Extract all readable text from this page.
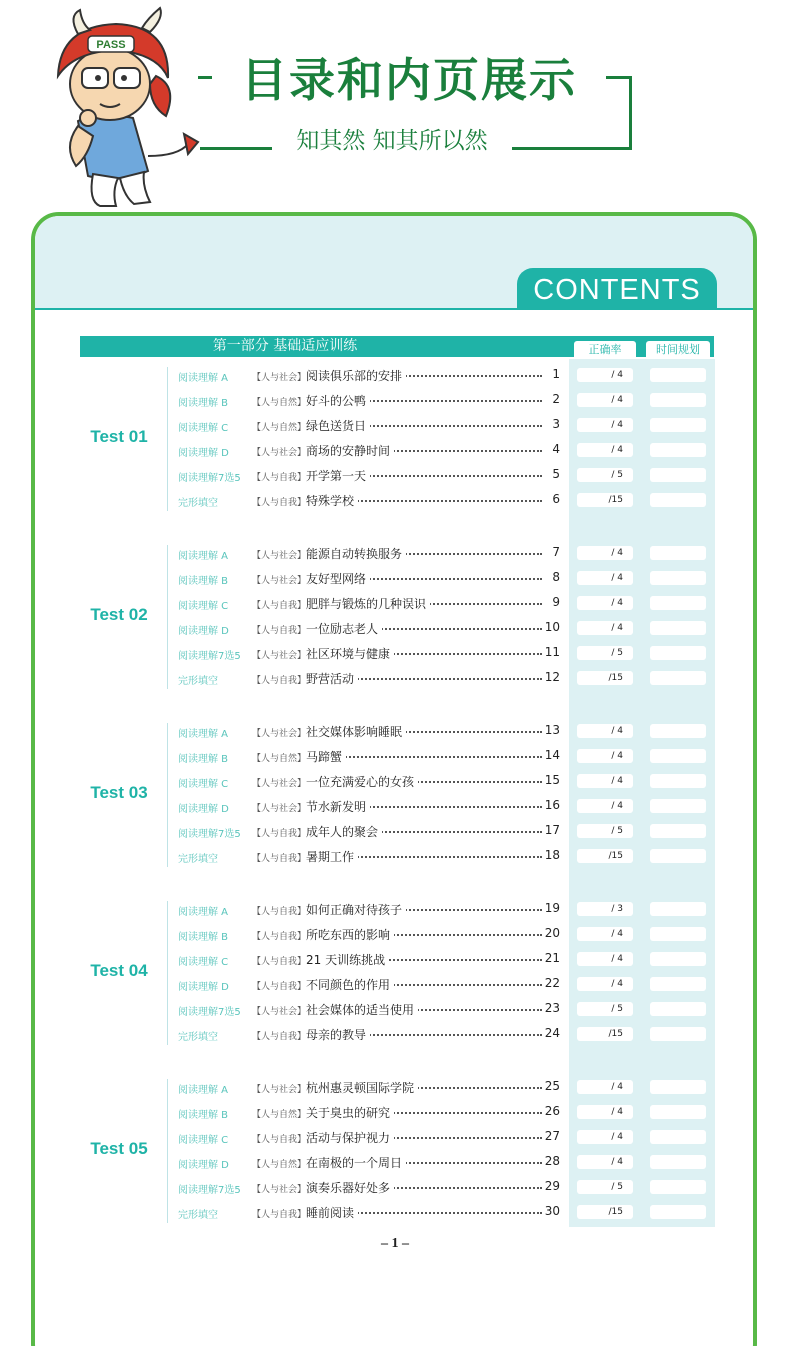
PASS
目录和内页展示
知其然 知其所以然
CONTENTS
第一部分 基础适应训练	正确率	时间规划
Test 01
阅读理解 A	【人与社会】 阅读俱乐部的安排	1	/ 4
阅读理解 B	【人与自然】 好斗的公鸭	2	/ 4
阅读理解 C	【人与自然】 绿色送货日	3	/ 4
阅读理解 D	【人与社会】 商场的安静时间	4	/ 4
阅读理解7选5 【人与自我】 开学第一天	5	/ 5
完形填空	【人与自我】 特殊学校	6	/15
Test 02
阅读理解 A	【人与社会】 能源自动转换服务	7	/ 4
阅读理解 B	【人与社会】 友好型网络	8	/ 4
阅读理解 C	【人与自我】 肥胖与锻炼的几种误识	9	/ 4
阅读理解 D	【人与自我】 一位励志老人	10	/ 4
阅读理解7选5 【人与社会】 社区环境与健康	11	/ 5
完形填空	【人与自我】 野营活动	12	/15
Test 03
阅读理解 A	【人与社会】 社交媒体影响睡眠	13	/ 4
阅读理解 B	【人与自然】 马蹄蟹	14	/ 4
阅读理解 C	【人与社会】 一位充满爱心的女孩	15	/ 4
阅读理解 D	【人与社会】 节水新发明	16	/ 4
阅读理解7选5 【人与自我】 成年人的聚会	17	/ 5
完形填空	【人与自我】 暑期工作	18	/15
Test 04
阅读理解 A	【人与自我】 如何正确对待孩子	19	/ 3
阅读理解 B	【人与自我】 所吃东西的影响	20	/ 4
阅读理解 C	【人与自我】 21 天训练挑战	21	/ 4
阅读理解 D	【人与自我】 不同颜色的作用	22	/ 4
阅读理解7选5 【人与社会】 社会媒体的适当使用	23	/ 5
完形填空	【人与自我】 母亲的教导	24	/15
Test 05
阅读理解 A	【人与社会】 杭州惠灵顿国际学院	25	/ 4
阅读理解 B	【人与自然】 关于臭虫的研究	26	/ 4
阅读理解 C	【人与自我】 活动与保护视力	27	/ 4
阅读理解 D	【人与自然】 在南极的一个周日	28	/ 4
阅读理解7选5 【人与社会】 演奏乐器好处多	29	/ 5
完形填空	【人与自我】 睡前阅读	30	/15
– 1 –
